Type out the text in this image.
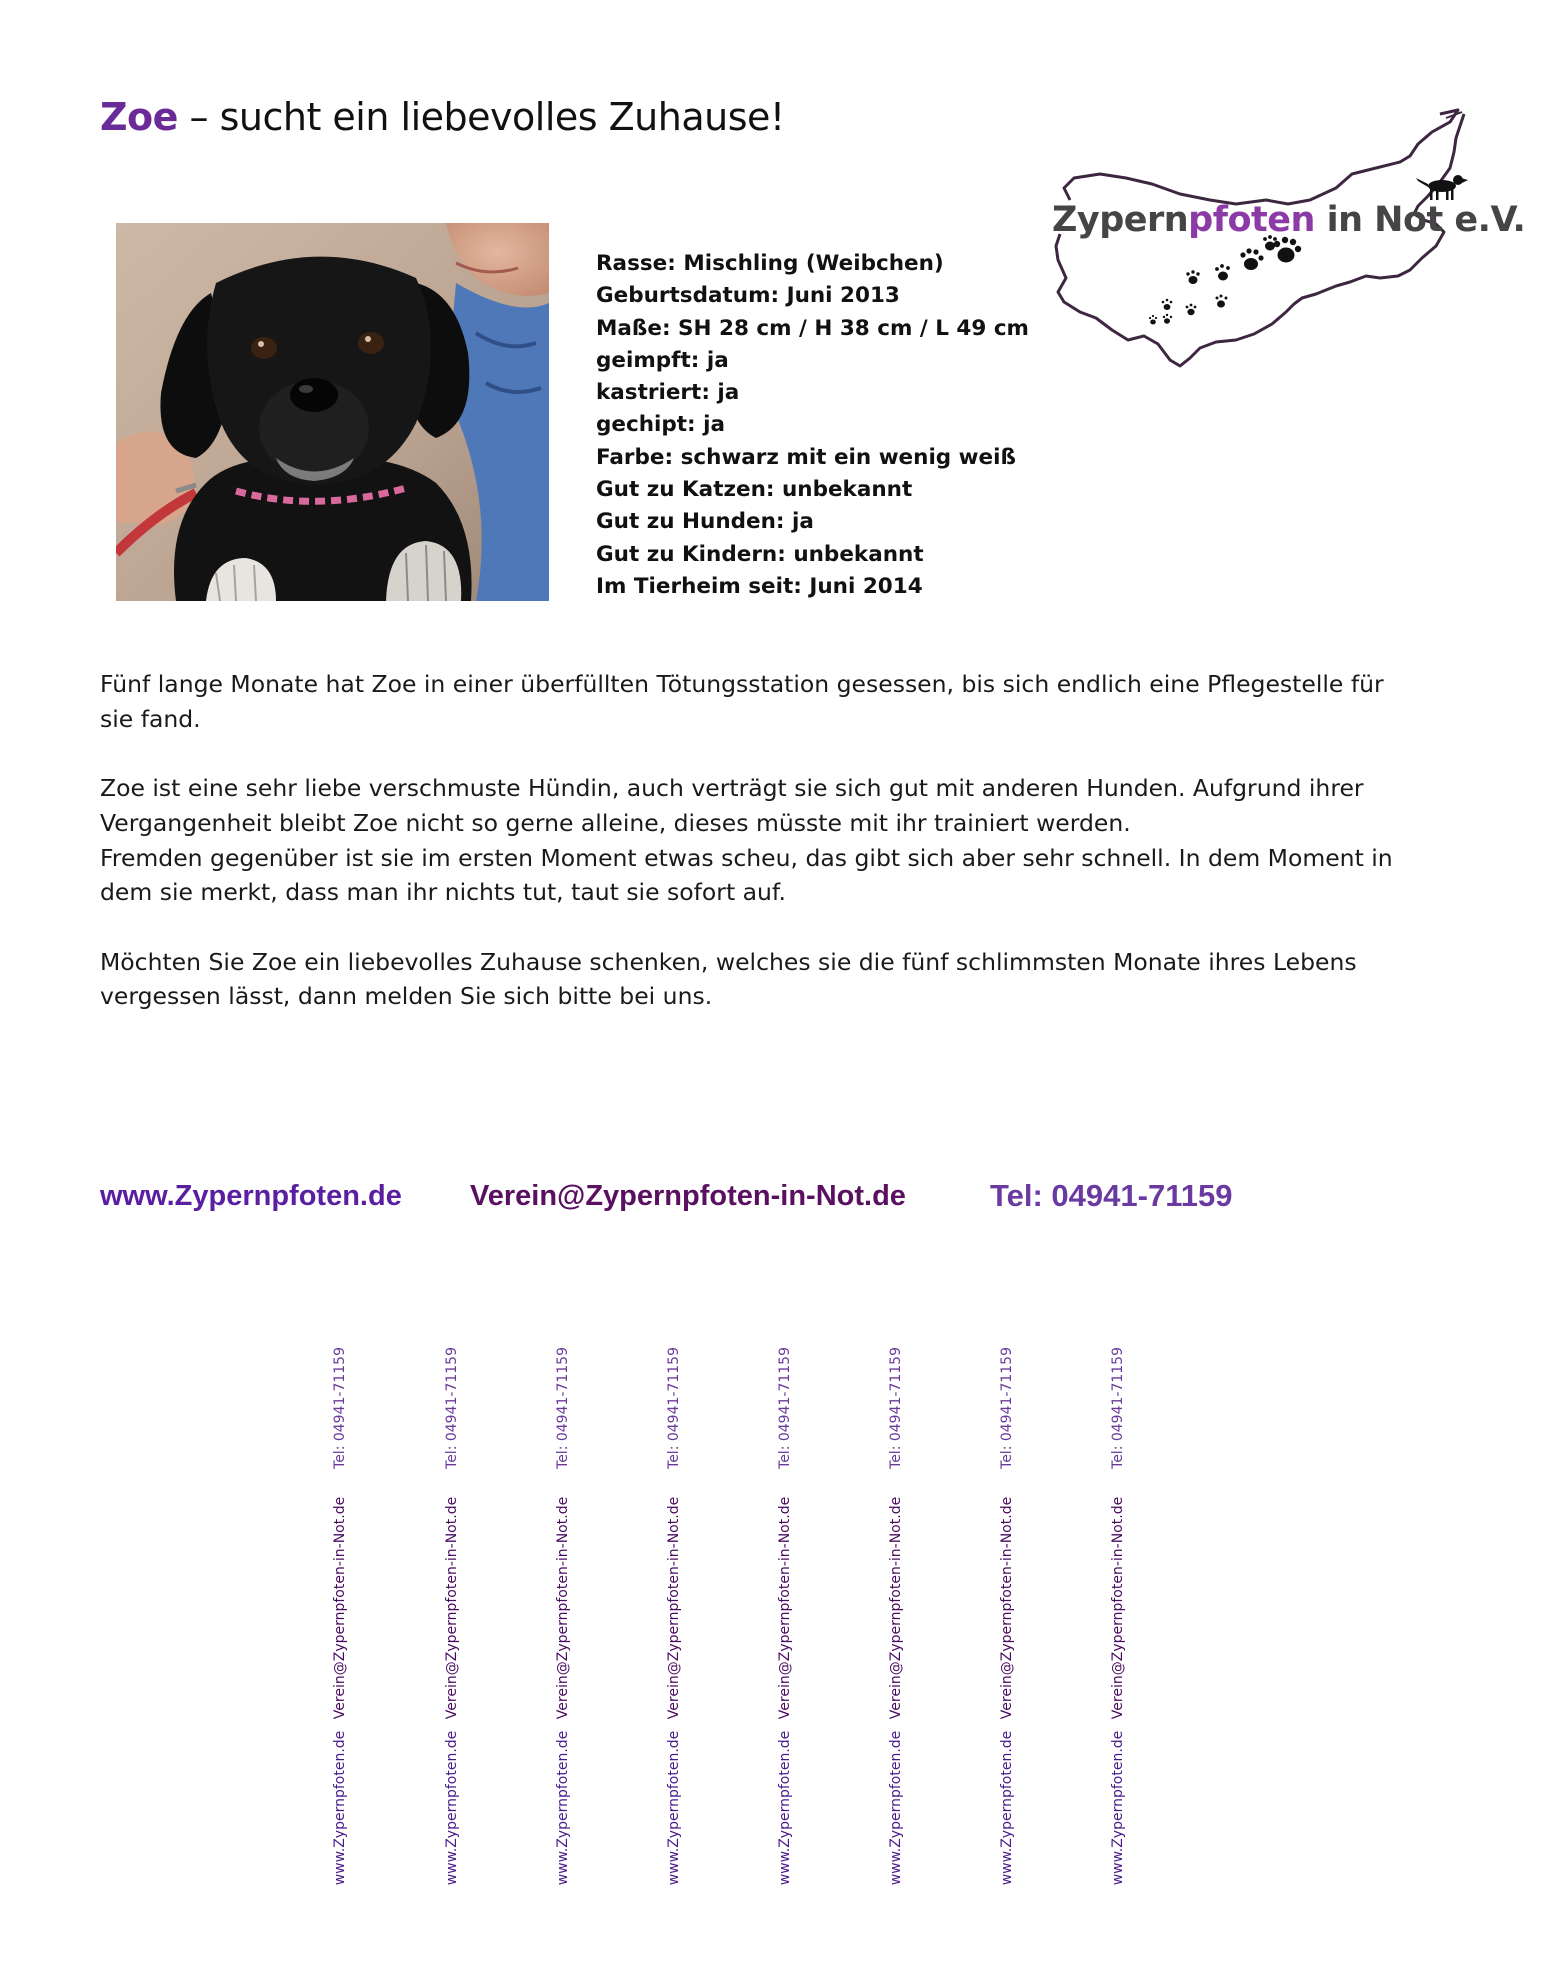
Zoe – sucht ein liebevolles Zuhause!
Zypernpfoten in Not e.V.
Rasse: Mischling (Weibchen)
Geburtsdatum: Juni 2013
Maße: SH 28 cm / H 38 cm / L 49 cm
geimpft: ja
kastriert: ja
gechipt: ja
Farbe: schwarz mit ein wenig weiß
Gut zu Katzen: unbekannt
Gut zu Hunden: ja
Gut zu Kindern: unbekannt
Im Tierheim seit: Juni 2014

Fünf lange Monate hat Zoe in einer überfüllten Tötungsstation gesessen, bis sich endlich eine Pflegestelle für sie fand.

Zoe ist eine sehr liebe verschmuste Hündin, auch verträgt sie sich gut mit anderen Hunden. Aufgrund ihrer Vergangenheit bleibt Zoe nicht so gerne alleine, dieses müsste mit ihr trainiert werden.

Fremden gegenüber ist sie im ersten Moment etwas scheu, das gibt sich aber sehr schnell. In dem Moment in dem sie merkt, dass man ihr nichts tut, taut sie sofort auf.

Möchten Sie Zoe ein liebevolles Zuhause schenken, welches sie die fünf schlimmsten Monate ihres Lebens vergessen lässt, dann melden Sie sich bitte bei uns.

www.Zypernpfoten.de Verein@Zypernpfoten-in-Not.de	Tel: 04941-71159
Tel: 04941-71159
Verein@Zypernpfoten-in-Not.de
www.Zypernpfoten.de
Tel: 04941-71159
Verein@Zypernpfoten-in-Not.de
www.Zypernpfoten.de
Tel: 04941-71159
Verein@Zypernpfoten-in-Not.de
www.Zypernpfoten.de
Tel: 04941-71159
Verein@Zypernpfoten-in-Not.de
www.Zypernpfoten.de
Tel: 04941-71159
Verein@Zypernpfoten-in-Not.de
www.Zypernpfoten.de
Tel: 04941-71159
Verein@Zypernpfoten-in-Not.de
www.Zypernpfoten.de
Tel: 04941-71159
Verein@Zypernpfoten-in-Not.de
www.Zypernpfoten.de
Tel: 04941-71159
Verein@Zypernpfoten-in-Not.de
www.Zypernpfoten.de
